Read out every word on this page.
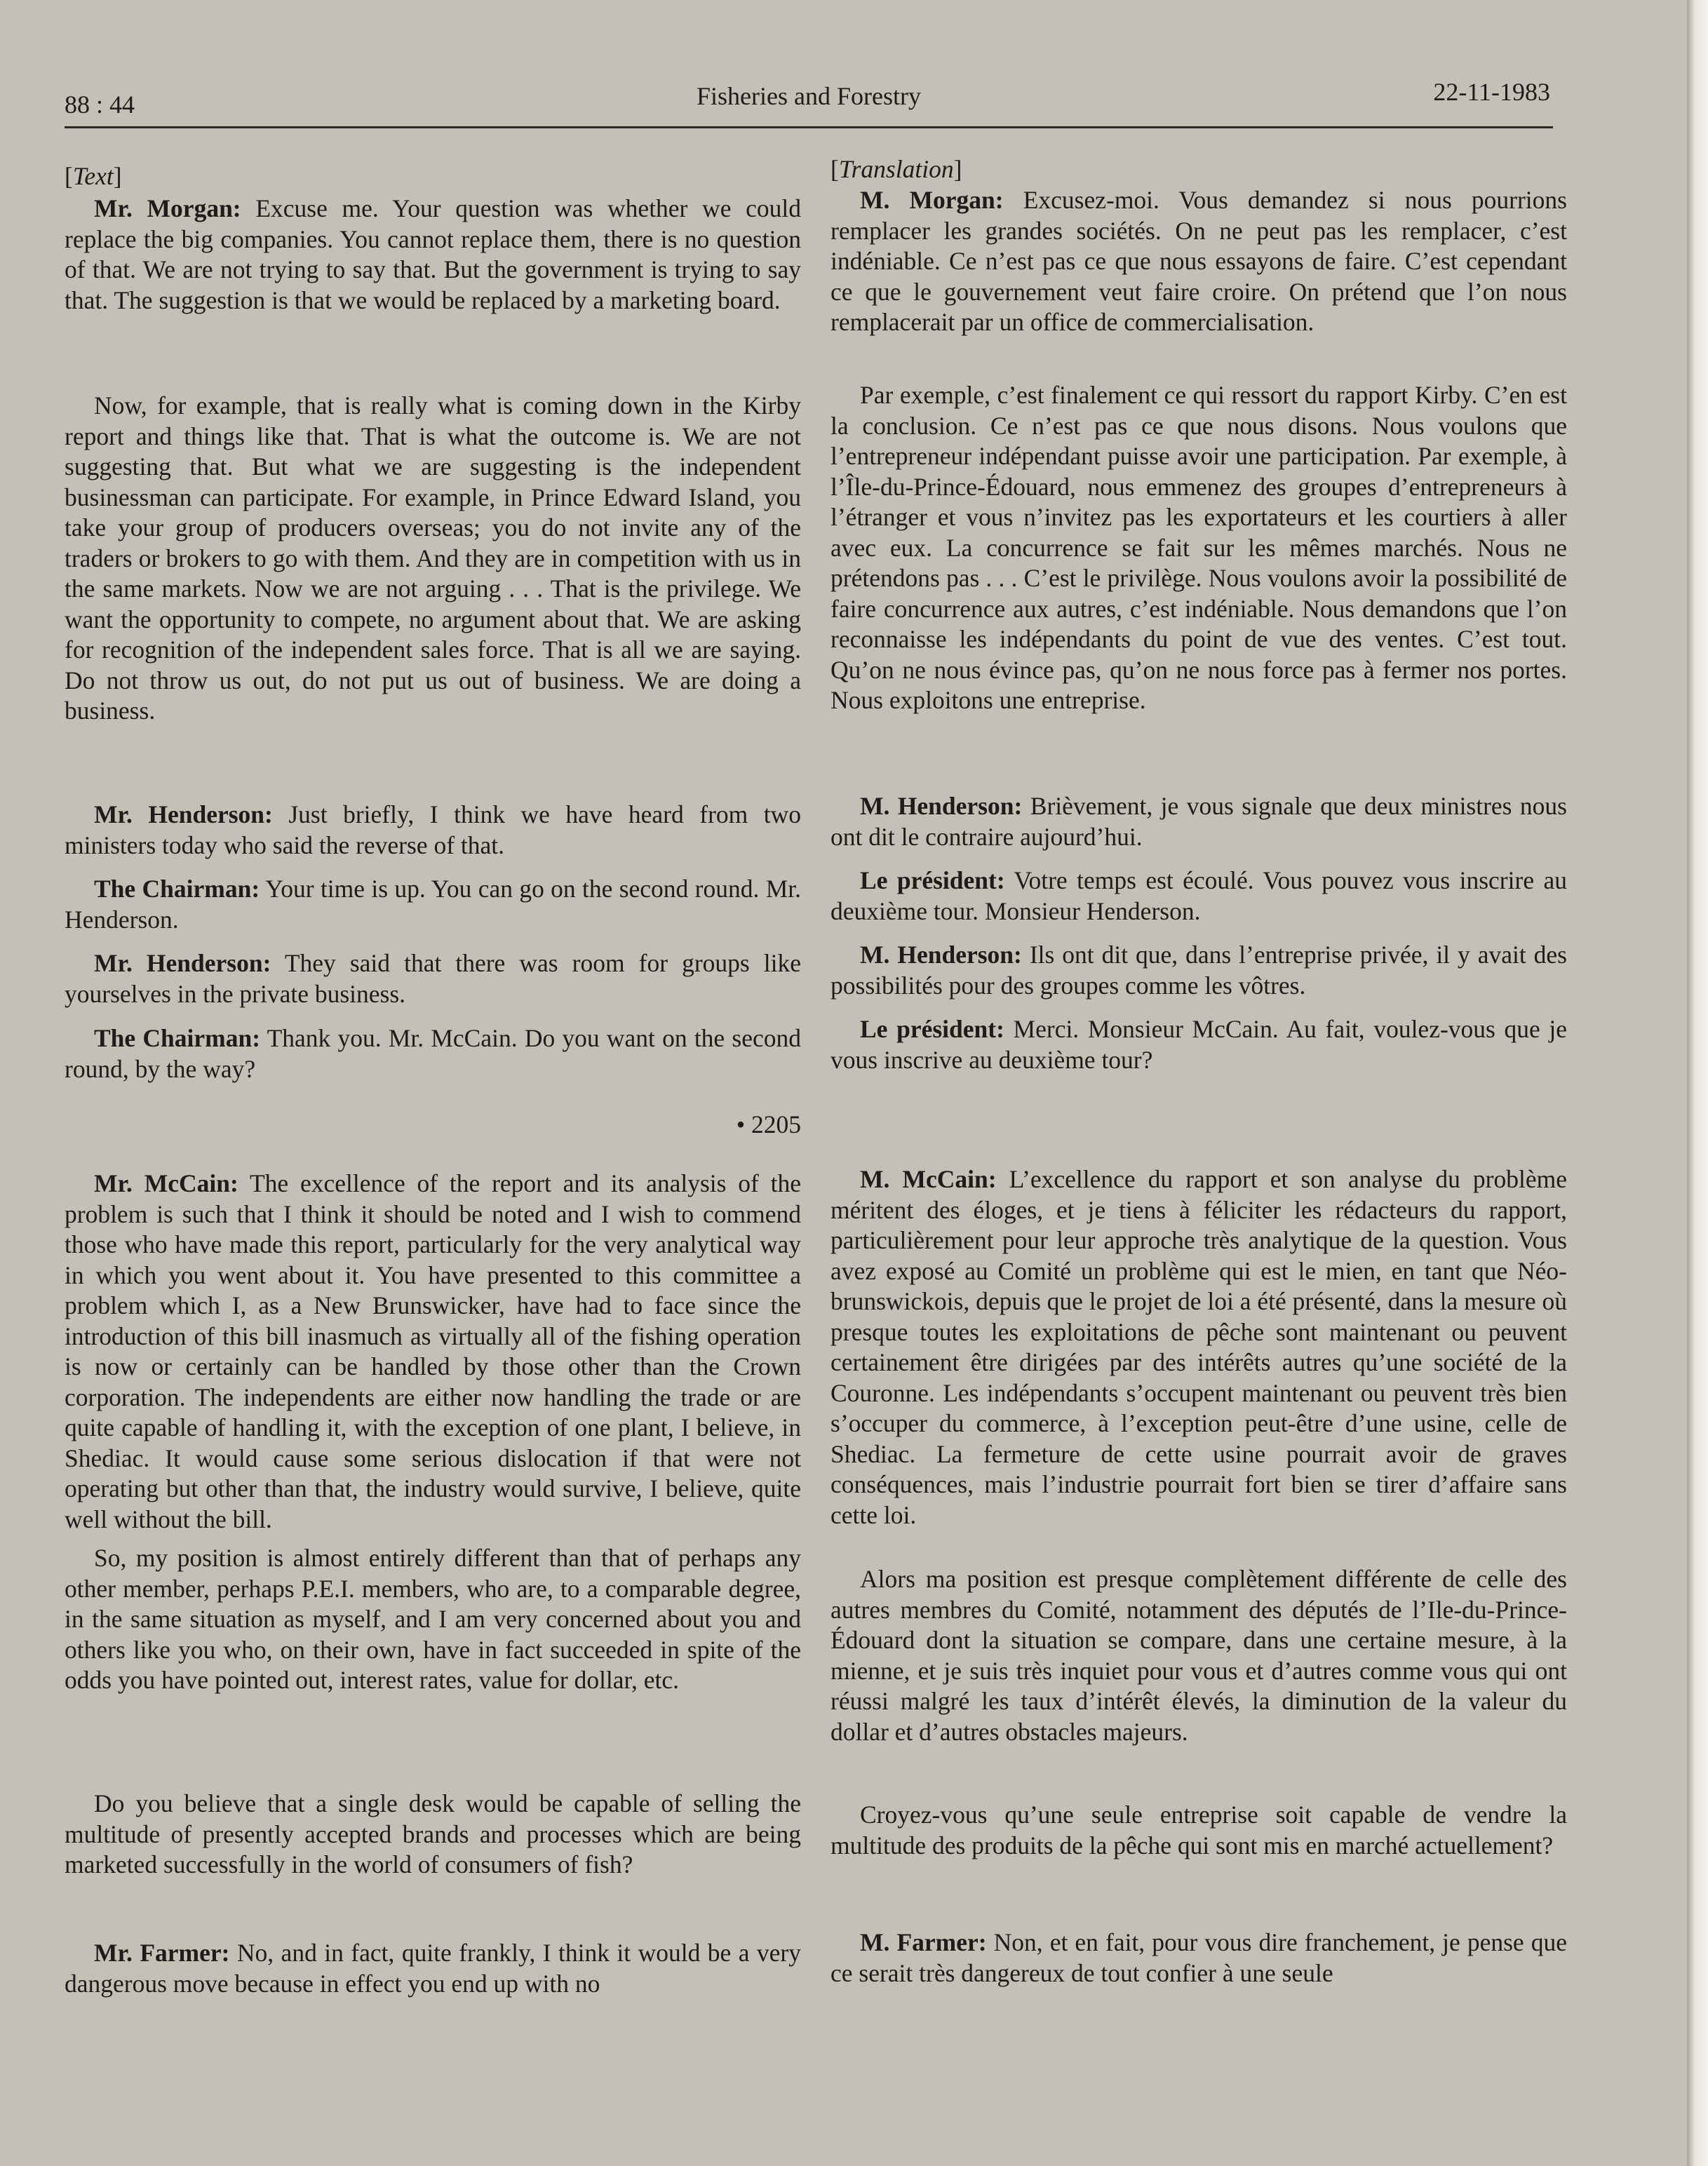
88 : 44	Fisheries and Forestry	22-11-1983
[Text]

Mr. Morgan: Excuse me. Your question was whether we could replace the big companies. You cannot replace them, there is no question of that. We are not trying to say that. But the government is trying to say that. The suggestion is that we would be replaced by a marketing board.

Now, for example, that is really what is coming down in the Kirby report and things like that. That is what the outcome is. We are not suggesting that. But what we are suggesting is the independent businessman can participate. For example, in Prince Edward Island, you take your group of producers overseas; you do not invite any of the traders or brokers to go with them. And they are in competition with us in the same markets. Now we are not arguing . . . That is the privilege. We want the opportunity to compete, no argument about that. We are asking for recognition of the independent sales force. That is all we are saying. Do not throw us out, do not put us out of business. We are doing a business.

Mr. Henderson: Just briefly, I think we have heard from two ministers today who said the reverse of that.

The Chairman: Your time is up. You can go on the second round. Mr. Henderson.

Mr. Henderson: They said that there was room for groups like yourselves in the private business.

The Chairman: Thank you. Mr. McCain. Do you want on the second round, by the way?

• 2205

Mr. McCain: The excellence of the report and its analysis of the problem is such that I think it should be noted and I wish to commend those who have made this report, particularly for the very analytical way in which you went about it. You have presented to this committee a problem which I, as a New Brunswicker, have had to face since the introduction of this bill inasmuch as virtually all of the fishing operation is now or certainly can be handled by those other than the Crown corporation. The independents are either now handling the trade or are quite capable of handling it, with the exception of one plant, I believe, in Shediac. It would cause some serious dislocation if that were not operating but other than that, the industry would survive, I believe, quite well without the bill.

So, my position is almost entirely different than that of perhaps any other member, perhaps P.E.I. members, who are, to a comparable degree, in the same situation as myself, and I am very concerned about you and others like you who, on their own, have in fact succeeded in spite of the odds you have pointed out, interest rates, value for dollar, etc.

Do you believe that a single desk would be capable of selling the multitude of presently accepted brands and processes which are being marketed successfully in the world of consumers of fish?

Mr. Farmer: No, and in fact, quite frankly, I think it would be a very dangerous move because in effect you end up with no

[Translation]

M. Morgan: Excusez-moi. Vous demandez si nous pourrions remplacer les grandes sociétés. On ne peut pas les remplacer, c’est indéniable. Ce n’est pas ce que nous essayons de faire. C’est cependant ce que le gouvernement veut faire croire. On prétend que l’on nous remplacerait par un office de commercialisation.

Par exemple, c’est finalement ce qui ressort du rapport Kirby. C’en est la conclusion. Ce n’est pas ce que nous disons. Nous voulons que l’entrepreneur indépendant puisse avoir une participation. Par exemple, à l’Île-du-Prince-Édouard, nous emmenez des groupes d’entrepreneurs à l’étranger et vous n’invitez pas les exportateurs et les courtiers à aller avec eux. La concurrence se fait sur les mêmes marchés. Nous ne prétendons pas . . . C’est le privilège. Nous voulons avoir la possibilité de faire concurrence aux autres, c’est indéniable. Nous demandons que l’on reconnaisse les indépendants du point de vue des ventes. C’est tout. Qu’on ne nous évince pas, qu’on ne nous force pas à fermer nos portes. Nous exploitons une entreprise.

M. Henderson: Brièvement, je vous signale que deux ministres nous ont dit le contraire aujourd’hui.

Le président: Votre temps est écoulé. Vous pouvez vous inscrire au deuxième tour. Monsieur Henderson.

M. Henderson: Ils ont dit que, dans l’entreprise privée, il y avait des possibilités pour des groupes comme les vôtres.

Le président: Merci. Monsieur McCain. Au fait, voulez-vous que je vous inscrive au deuxième tour?

M. McCain: L’excellence du rapport et son analyse du problème méritent des éloges, et je tiens à féliciter les rédacteurs du rapport, particulièrement pour leur approche très analytique de la question. Vous avez exposé au Comité un problème qui est le mien, en tant que Néo-brunswickois, depuis que le projet de loi a été présenté, dans la mesure où presque toutes les exploitations de pêche sont maintenant ou peuvent certainement être dirigées par des intérêts autres qu’une société de la Couronne. Les indépendants s’occupent maintenant ou peuvent très bien s’occuper du commerce, à l’exception peut-être d’une usine, celle de Shediac. La fermeture de cette usine pourrait avoir de graves conséquences, mais l’industrie pourrait fort bien se tirer d’affaire sans cette loi.

Alors ma position est presque complètement différente de celle des autres membres du Comité, notamment des députés de l’Ile-du-Prince-Édouard dont la situation se compare, dans une certaine mesure, à la mienne, et je suis très inquiet pour vous et d’autres comme vous qui ont réussi malgré les taux d’intérêt élevés, la diminution de la valeur du dollar et d’autres obstacles majeurs.

Croyez-vous qu’une seule entreprise soit capable de vendre la multitude des produits de la pêche qui sont mis en marché actuellement?

M. Farmer: Non, et en fait, pour vous dire franchement, je pense que ce serait très dangereux de tout confier à une seule
